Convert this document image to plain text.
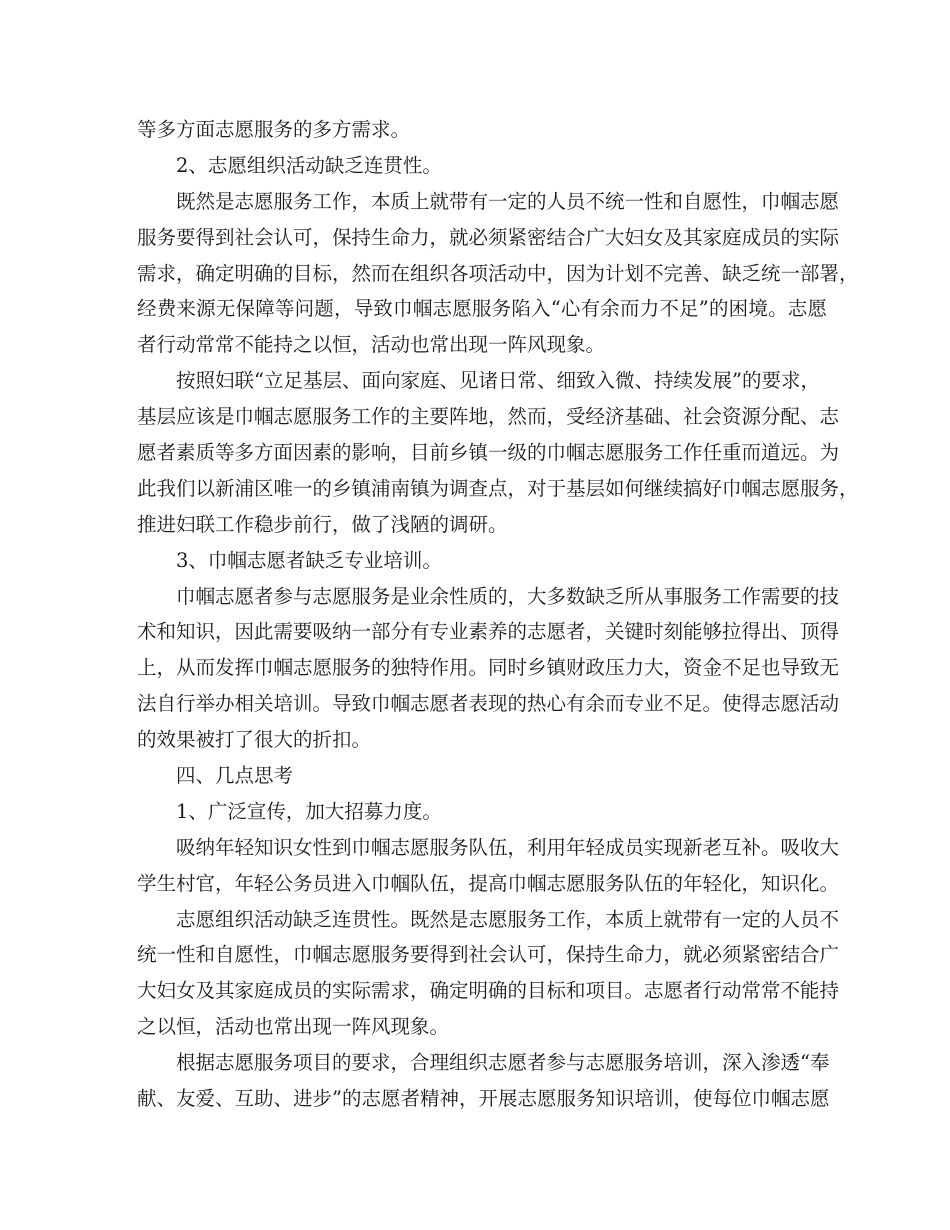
等多方面志愿服务的多方需求。

2、志愿组织活动缺乏连贯性。

既然是志愿服务工作，本质上就带有一定的人员不统一性和自愿性，巾帼志愿

服务要得到社会认可，保持生命力，就必须紧密结合广大妇女及其家庭成员的实际

需求，确定明确的目标，然而在组织各项活动中，因为计划不完善、缺乏统一部署，

经费来源无保障等问题，导致巾帼志愿服务陷入“心有余而力不足”的困境。志愿

者行动常常不能持之以恒，活动也常出现一阵风现象。

按照妇联“立足基层、面向家庭、见诸日常、细致入微、持续发展”的要求，

基层应该是巾帼志愿服务工作的主要阵地，然而，受经济基础、社会资源分配、志

愿者素质等多方面因素的影响，目前乡镇一级的巾帼志愿服务工作任重而道远。为

此我们以新浦区唯一的乡镇浦南镇为调查点，对于基层如何继续搞好巾帼志愿服务，

推进妇联工作稳步前行，做了浅陋的调研。

3、巾帼志愿者缺乏专业培训。

巾帼志愿者参与志愿服务是业余性质的，大多数缺乏所从事服务工作需要的技

术和知识，因此需要吸纳一部分有专业素养的志愿者，关键时刻能够拉得出、顶得

上，从而发挥巾帼志愿服务的独特作用。同时乡镇财政压力大，资金不足也导致无

法自行举办相关培训。导致巾帼志愿者表现的热心有余而专业不足。使得志愿活动

的效果被打了很大的折扣。

四、几点思考

1、广泛宣传，加大招募力度。

吸纳年轻知识女性到巾帼志愿服务队伍，利用年轻成员实现新老互补。吸收大

学生村官，年轻公务员进入巾帼队伍，提高巾帼志愿服务队伍的年轻化，知识化。

志愿组织活动缺乏连贯性。既然是志愿服务工作，本质上就带有一定的人员不

统一性和自愿性，巾帼志愿服务要得到社会认可，保持生命力，就必须紧密结合广

大妇女及其家庭成员的实际需求，确定明确的目标和项目。志愿者行动常常不能持

之以恒，活动也常出现一阵风现象。

根据志愿服务项目的要求，合理组织志愿者参与志愿服务培训，深入渗透“奉

献、友爱、互助、进步”的志愿者精神，开展志愿服务知识培训，使每位巾帼志愿
